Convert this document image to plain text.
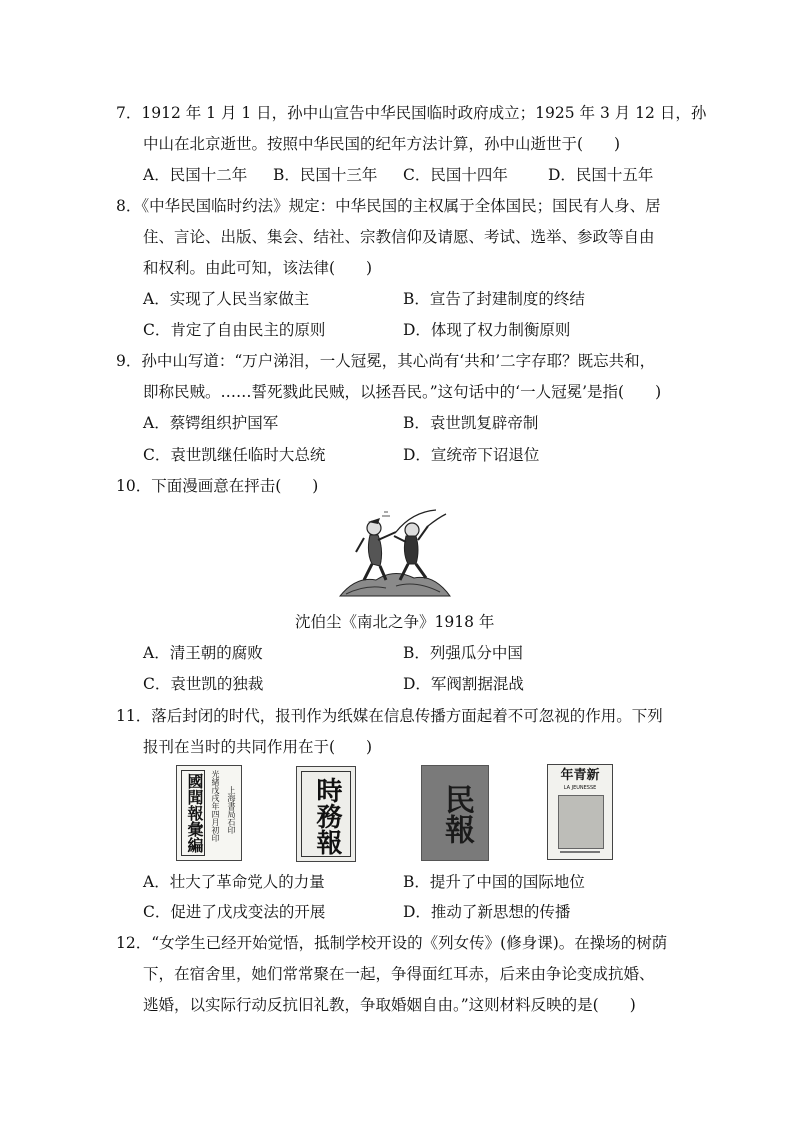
7．1912 年 1 月 1 日，孙中山宣告中华民国临时政府成立；1925 年 3 月 12 日，孙
中山在北京逝世。按照中华民国的纪年方法计算，孙中山逝世于(　　)
A．民国十二年 B．民国十三年 C．民国十四年	D．民国十五年
8．《中华民国临时约法》规定：中华民国的主权属于全体国民；国民有人身、居
住、言论、出版、集会、结社、宗教信仰及请愿、考试、选举、参政等自由
和权利。由此可知，该法律(　　)
A．实现了人民当家做主	B．宣告了封建制度的终结
C．肯定了自由民主的原则	D．体现了权力制衡原则
9．孙中山写道：“万户涕泪，一人冠冕，其心尚有‘共和’二字存耶？既忘共和，
即称民贼。……誓死戮此民贼，以拯吾民。”这句话中的‘一人冠冕’是指(　　)
A．蔡锷组织护国军	B．袁世凯复辟帝制
C．袁世凯继任临时大总统	D．宣统帝下诏退位
10．下面漫画意在抨击(　　)
沈伯尘《南北之争》1918 年
A．清王朝的腐败	B．列强瓜分中国
C．袁世凯的独裁	D．军阀割据混战
11．落后封闭的时代，报刊作为纸媒在信息传播方面起着不可忽视的作用。下列
报刊在当时的共同作用在于(　　)
國聞報彙編 光緒戊戌年四月初印 上海書局石印	時務報	民報
新青年
LA JEUNESSE
A．壮大了革命党人的力量	B．提升了中国的国际地位
C．促进了戊戌变法的开展	D．推动了新思想的传播
12．“女学生已经开始觉悟，抵制学校开设的《列女传》(修身课)。在操场的树荫
下，在宿舍里，她们常常聚在一起，争得面红耳赤，后来由争论变成抗婚、
逃婚，以实际行动反抗旧礼教，争取婚姻自由。”这则材料反映的是(　　)
